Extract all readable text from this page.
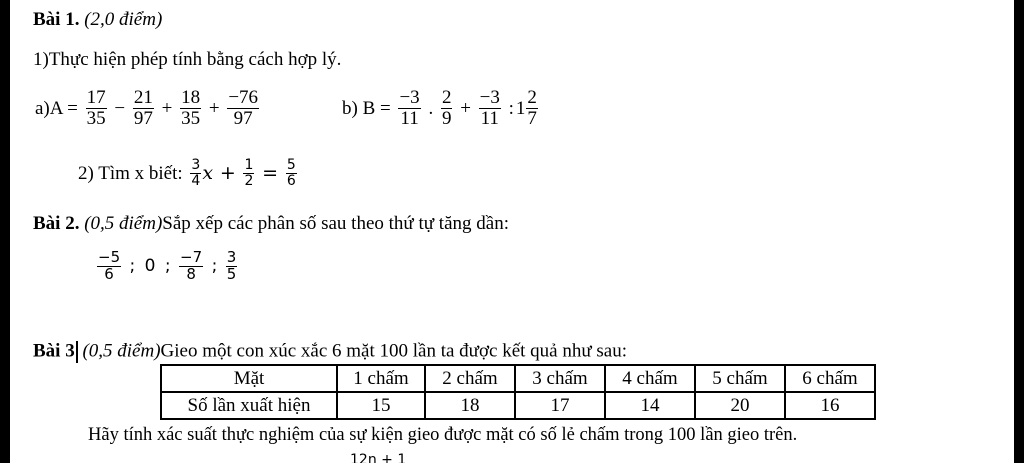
Bài 1. (2,0 điểm)
1)Thực hiện phép tính bằng cách hợp lý.
$a)A = \frac{17}{35} - \frac{21}{97} + \frac{18}{35} + \frac{-76}{97}$	b) $B = \frac{-3}{11}$ . $\frac{2}{9} + \frac{-3}{11}$ : $1 \frac{2}{7}$
2) Tìm x biết: $\frac{3}{4}$ $x + \frac{1}{2} = \frac{5}{6}$
Bài 2. (0,5 điểm)Sắp xếp các phân số sau theo thứ tự tăng dần:
$\frac{-5}{6}$ ; 0 ; $\frac{-7}{8}$ ; $\frac{3}{5}$
Bài 3 (0,5 điểm)Gieo một con xúc xắc 6 mặt 100 lần ta được kết quả như sau:
Mặt	1 chấm	2 chấm	3 chấm	4 chấm	5 chấm	6 chấm
Số lần xuất hiện	15	18	17	14	20	16
Hãy tính xác suất thực nghiệm của sự kiện gieo được mặt có số lẻ chấm trong 100 lần gieo trên.
12n + 1
